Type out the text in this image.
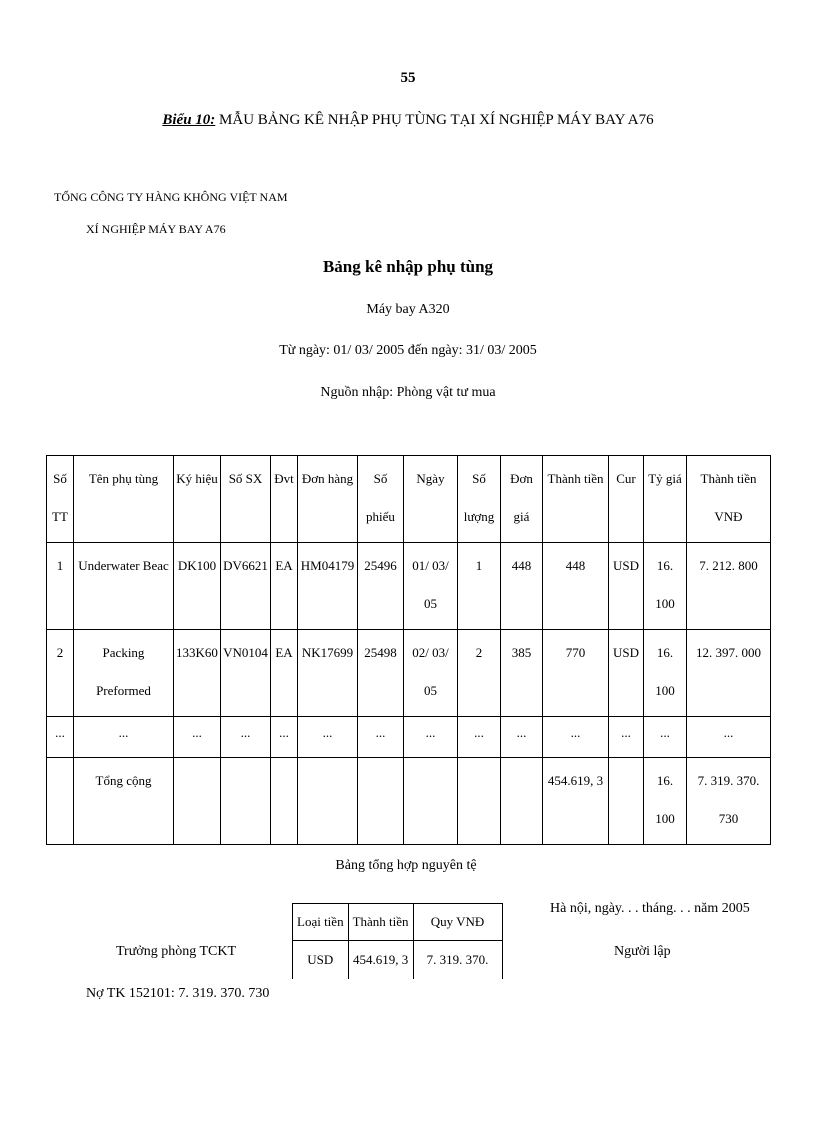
55
Biểu 10: MẪU BẢNG KÊ NHẬP PHỤ TÙNG TẠI XÍ NGHIỆP MÁY BAY A76
TỔNG CÔNG TY HÀNG KHÔNG VIỆT NAM
XÍ NGHIỆP MÁY BAY A76
Bảng kê nhập phụ tùng
Máy bay A320
Từ ngày: 01/ 03/ 2005 đến ngày: 31/ 03/ 2005
Nguồn nhập: Phòng vật tư mua
Số TT	Tên phụ tùng	Ký hiệu	Số SX	Đvt	Đơn hàng	Số phiếu	Ngày	Số lượng	Đơn giá	Thành tiền	Cur	Tỷ giá	Thành tiền VNĐ
1	Underwater Beac	DK100	DV6621	EA	HM04179	25496	01/ 03/ 05	1	448	448	USD	16. 100	7. 212. 800
2	Packing Preformed	133K60	VN0104	EA	NK17699	25498	02/ 03/ 05	2	385	770	USD	16. 100	12. 397. 000
...	...	...	...	...	...	...	...	...	...	...	...	...	...
	Tổng cộng									454.619, 3		16. 100	7. 319. 370. 730
Bảng tổng hợp nguyên tệ
Loại tiền	Thành tiền	Quy VNĐ
USD	454.619, 3	7. 319. 370.
Hà nội, ngày. . . tháng. . . năm 2005
Người lập
Trưởng phòng TCKT
Nợ TK 152101: 7. 319. 370. 730
